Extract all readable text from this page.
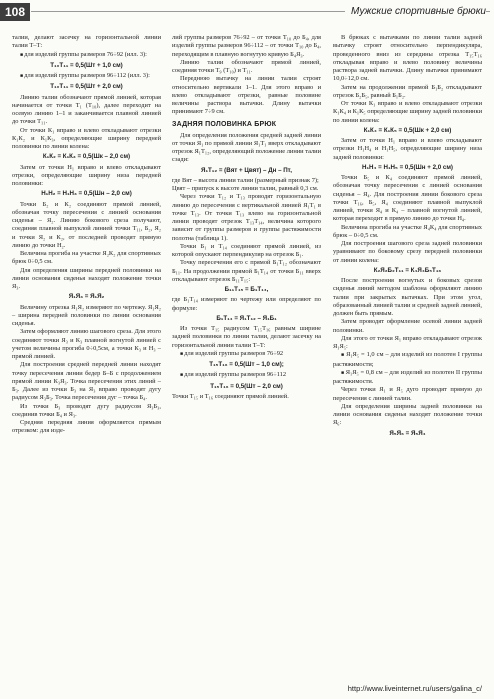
108	Мужские спортивные брюки

талии, делают засечку на горизонтальной линии талии Т–Т:

■ для изделий группы размеров 76÷92 (илл. 3):

Т₁₀Т₁₁ = 0,5(Шт + 1,0 см)

■ для изделий группы размеров 96÷112 (илл. 3):

Т₁₀Т₁₁ = 0,5(Шт + 2,0 см)

Линию талии обозначают прямой линией, которая начинается от точки Т₁ (Т₁₀), далее переходит на осевую линию 1–1 и заканчивается плавной линией до точки Т₁₁.

От точки К₁ вправо и влево откладывают отрезки К₁К₂ и К₁К₃, определяющие ширину передней половинки по линии колена:

К₁К₂ = К₁К₃ = 0,5(Шк – 2,0 см)

Затем от точки Н₁ вправо и влево откладывают отрезки, определяющие ширину низа передней половинки:

Н₁Н₂ = Н₁Н₃ = 0,5(Шн – 2,0 см)

Точки Б₂ и К₂ соединяют прямой линией, обозначая точку пересечения с линией основания сиденья – Я₂. Линию бокового среза получают, соединяя плавной выпуклой линией точки Т₁₁, Б₂, Я₂ и точки Я₂ и К₂, от последней проводят прямую линию до точки Н₂.

Величина прогиба на участке Я₂К₂ для спортивных брюк 0÷0,5 см.

Для определения ширины передней половинки на линии основания сиденья находят положение точки Я₃.

Я₁Я₃ = Я₁Я₂

Величину отрезка Я₁Я₂ измеряют по чертежу. Я₁Я₂ – ширина передней половинки по линии основания сиденья.

Затем оформляют линию шагового среза. Для этого соединяют точки Я₃ и К₃ плавной вогнутой линией с учетом величины прогиба 0÷0,5см, а точки К₃ и Н₃ – прямой линией.

Для построения средней передней линии находят точку пересечения линии бедер Б–Б с продолжением прямой линии К₃Я₃. Точка пересечения этих линий – Б₃. Далее из точки Б₃ на Я₃ вправо проводят дугу радиусом Я₃Б₃. Точка пересечения дуг – точка Б₄.

Из точки Б₃ проводят дугу радиусом Я₃Б₃, соединив точки Б₄ и Я₃.

Средняя передняя линия оформляется прямым отрезком: для изде-

лий группы размеров 76÷92 – от точки Т₁₀ до Б₄, для изделий группы размеров 96÷112 – от точки Т₁₀ до Б₄, переходящим в плавную вогнутую кривую Б₄Я₃.

Линию талии обозначают прямой линией, соединяя точки Т₉ (Т₁₀) и Т₁₁.

Переднюю вытачку на линии талии строят относительно вертикали 1–1. Для этого вправо и влево откладывают отрезки, равные половине величины раствора вытачки. Длину вытачки принимают 7÷9 см.

ЗАДНЯЯ ПОЛОВИНКА БРЮК

Для определения положения средней задней линии от точки Я₁ по прямой линии Я₁Т₁ вверх откладывают отрезок Я₁Т₁₂, определяющий положение линии талии сзади:

Я₁Т₁₂ = (Вят + Цвят) – Дн – Пт,

где Вят – высота линии талии (размерный признак 7);

Цвят – припуск к высоте линии талии, равный 0,3 см.

Через точки Т₁₂ и Т₁₃ проводят горизонтальную линию до пересечения с вертикальной линией Я₁Т₁ в точке Т₁₃. От точки Т₁₃ влево на горизонтальной линии проводят отрезок Т₁₃Т₁₄, величина которого зависит от группы размеров и группы растяжимости полотна (таблица 1).

Точки Б₁ и Т₁₄ соединяют прямой линией, из которой опускают перпендикуляр на отрезок Б₁.

Точку пересечения его с прямой Б₁Т₁₂ обозначают Б₁₁. На продолжении прямой Б₁Т₁₄ от точки Б₁₁ вверх откладывают отрезок Б₁₁Т₁₅:

Б₁₁Т₁₅ = Б₁Т₁₄,

где Б₁Т₁₄ измеряют по чертежу или определяют по формуле:

Б₁Т₁₄ = Я₁Т₁₂ – Я₁Б₁

Из точки Т₁₅ радиусом Т₁₅Т₁₆ равным ширине задней половинки по линии талии, делают засечку на горизонтальной линии талии Т–Т:

■ для изделий группы размеров 76÷92

Т₁₅Т₁₆ = 0,5(Шт – 1,0 см);

■ для изделий группы размеров 96÷112

Т₁₅Т₁₆ = 0,5(Шт – 2,0 см)

Точки Т₁₅ и Т₁₆ соединяют прямой линией.

В брюках с вытачками по линии талии задней вытачку строят относительно перпендикуляра, проведенного вниз из середины отрезка Т₁₅Т₁₆ откладывая вправо и влево половину величины раствора задней вытачки. Длину вытачки принимают 10,0÷12,0 см.

Затем на продолжении прямой Б₁Б₂ откладывают отрезок Б₂Б₅, равный Б₁Б₂.

От точки К₁ вправо и влево откладывают отрезки К₁К₄ и К₁К₅ определяющие ширину задней половинки по линии колена:

К₁К₄ = К₁К₅ = 0,5(Шк + 2,0 см)

Затем от точки Н₁ вправо и влево откладывают отрезки Н₁Н₄ и Н₁Н₅, определяющие ширину низа задней половинки:

Н₁Н₄ = Н₁Н₅ = 0,5(Шн + 2,0 см)

Точки Б₅ и К₄ соединяют прямой линией, обозначая точку пересечения с линией основания сиденья – Я₄. Для построения линии бокового среза точки Т₁₆, Б₅, Я₄ соединяют плавной выпуклой линией, точки Я₄ и К₄ – плавной вогнутой линией, которая переходит в прямую линию до точки Н₄.

Величина прогиба на участке Я₄К₄ для спортивных брюк – 0÷0,5 см.

Для построения шагового среза задней половинки уравнивают по боковому срезу передней половинки от линии колена:

К₂Я₂Б₂Т₁₁ = К₄Я₄Б₅Т₁₆

После построения вогнутых и боковых срезов сиденья линий методом шаблона оформляют линию талии при закрытых вытачках. При этом угол, образованный линией талии и средней задней линией, должен быть прямым.

Затем проводят оформление осевой линии задней половинки.

Для этого от точки Я₁ вправо откладывают отрезок Я₁Я₅:

■ Я₁Я₅ = 1,0 см – для изделий из полотен I группы растяжимости;

■ Я₁Я₅ = 0,8 см – для изделий из полотен II группы растяжимости.

Через точки Я₁ и Я₅ дуго проводят прямую до пересечения с линией талии.

Для определения ширины задней половинки на линии основания сиденья находят положение точки Я₆:

Я₅Я₆ = Я₅Я₄

http://www.liveinternet.ru/users/galina_c/
